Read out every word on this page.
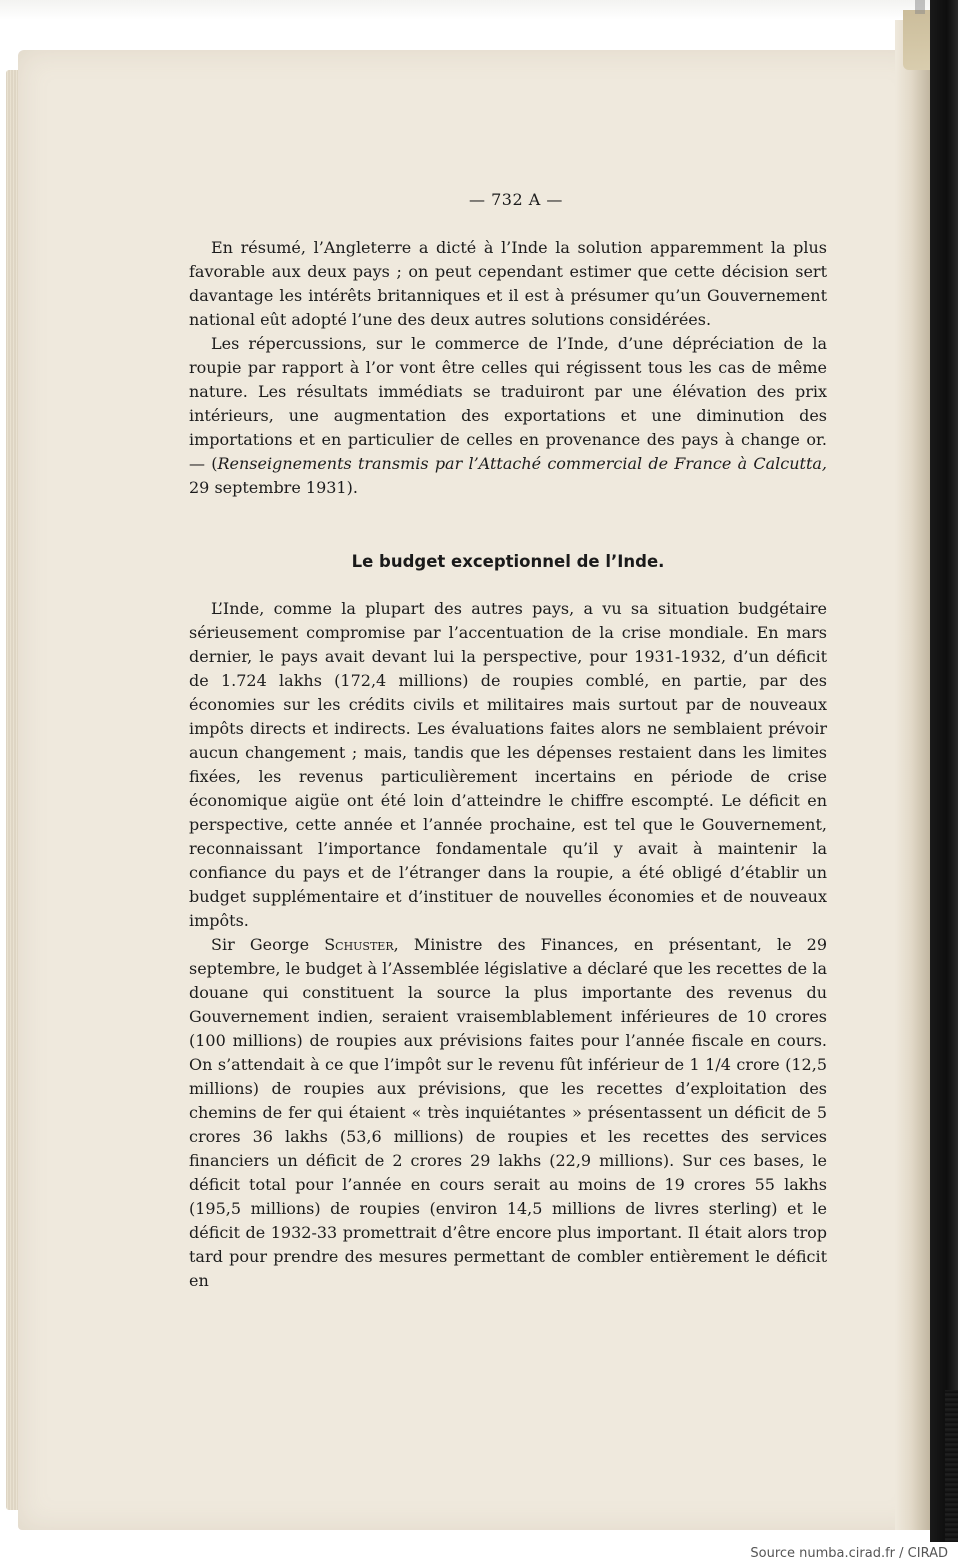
— 732 A —

En résumé, l’Angleterre a dicté à l’Inde la solution apparemment la plus favorable aux deux pays ; on peut cependant estimer que cette décision sert davantage les intérêts britanniques et il est à présumer qu’un Gouvernement national eût adopté l’une des deux autres solutions considérées.

Les répercussions, sur le commerce de l’Inde, d’une dépréciation de la roupie par rapport à l’or vont être celles qui régissent tous les cas de même nature. Les résultats immédiats se traduiront par une élévation des prix intérieurs, une augmentation des exportations et une diminution des importations et en particulier de celles en provenance des pays à change or. — (Renseignements transmis par l’Attaché commercial de France à Calcutta, 29 septembre 1931).

Le budget exceptionnel de l’Inde.

L’Inde, comme la plupart des autres pays, a vu sa situation budgétaire sérieusement compromise par l’accentuation de la crise mondiale. En mars dernier, le pays avait devant lui la perspective, pour 1931-1932, d’un déficit de 1.724 lakhs (172,4 millions) de roupies comblé, en partie, par des économies sur les crédits civils et militaires mais surtout par de nouveaux impôts directs et indirects. Les évaluations faites alors ne semblaient prévoir aucun changement ; mais, tandis que les dépenses restaient dans les limites fixées, les revenus particulièrement incertains en période de crise économique aigüe ont été loin d’atteindre le chiffre escompté. Le déficit en perspective, cette année et l’année prochaine, est tel que le Gouvernement, reconnaissant l’importance fondamentale qu’il y avait à maintenir la confiance du pays et de l’étranger dans la roupie, a été obligé d’établir un budget supplémentaire et d’instituer de nouvelles économies et de nouveaux impôts.

Sir George Schuster, Ministre des Finances, en présentant, le 29 septembre, le budget à l’Assemblée législative a déclaré que les recettes de la douane qui constituent la source la plus importante des revenus du Gouvernement indien, seraient vraisemblablement inférieures de 10 crores (100 millions) de roupies aux prévisions faites pour l’année fiscale en cours. On s’attendait à ce que l’impôt sur le revenu fût inférieur de 1 1/4 crore (12,5 millions) de roupies aux prévisions, que les recettes d’exploitation des chemins de fer qui étaient « très inquiétantes » présentassent un déficit de 5 crores 36 lakhs (53,6 millions) de roupies et les recettes des services financiers un déficit de 2 crores 29 lakhs (22,9 millions). Sur ces bases, le déficit total pour l’année en cours serait au moins de 19 crores 55 lakhs (195,5 millions) de roupies (environ 14,5 millions de livres sterling) et le déficit de 1932-33 promettrait d’être encore plus important. Il était alors trop tard pour prendre des mesures permettant de combler entièrement le déficit en

Source numba.cirad.fr / CIRAD
